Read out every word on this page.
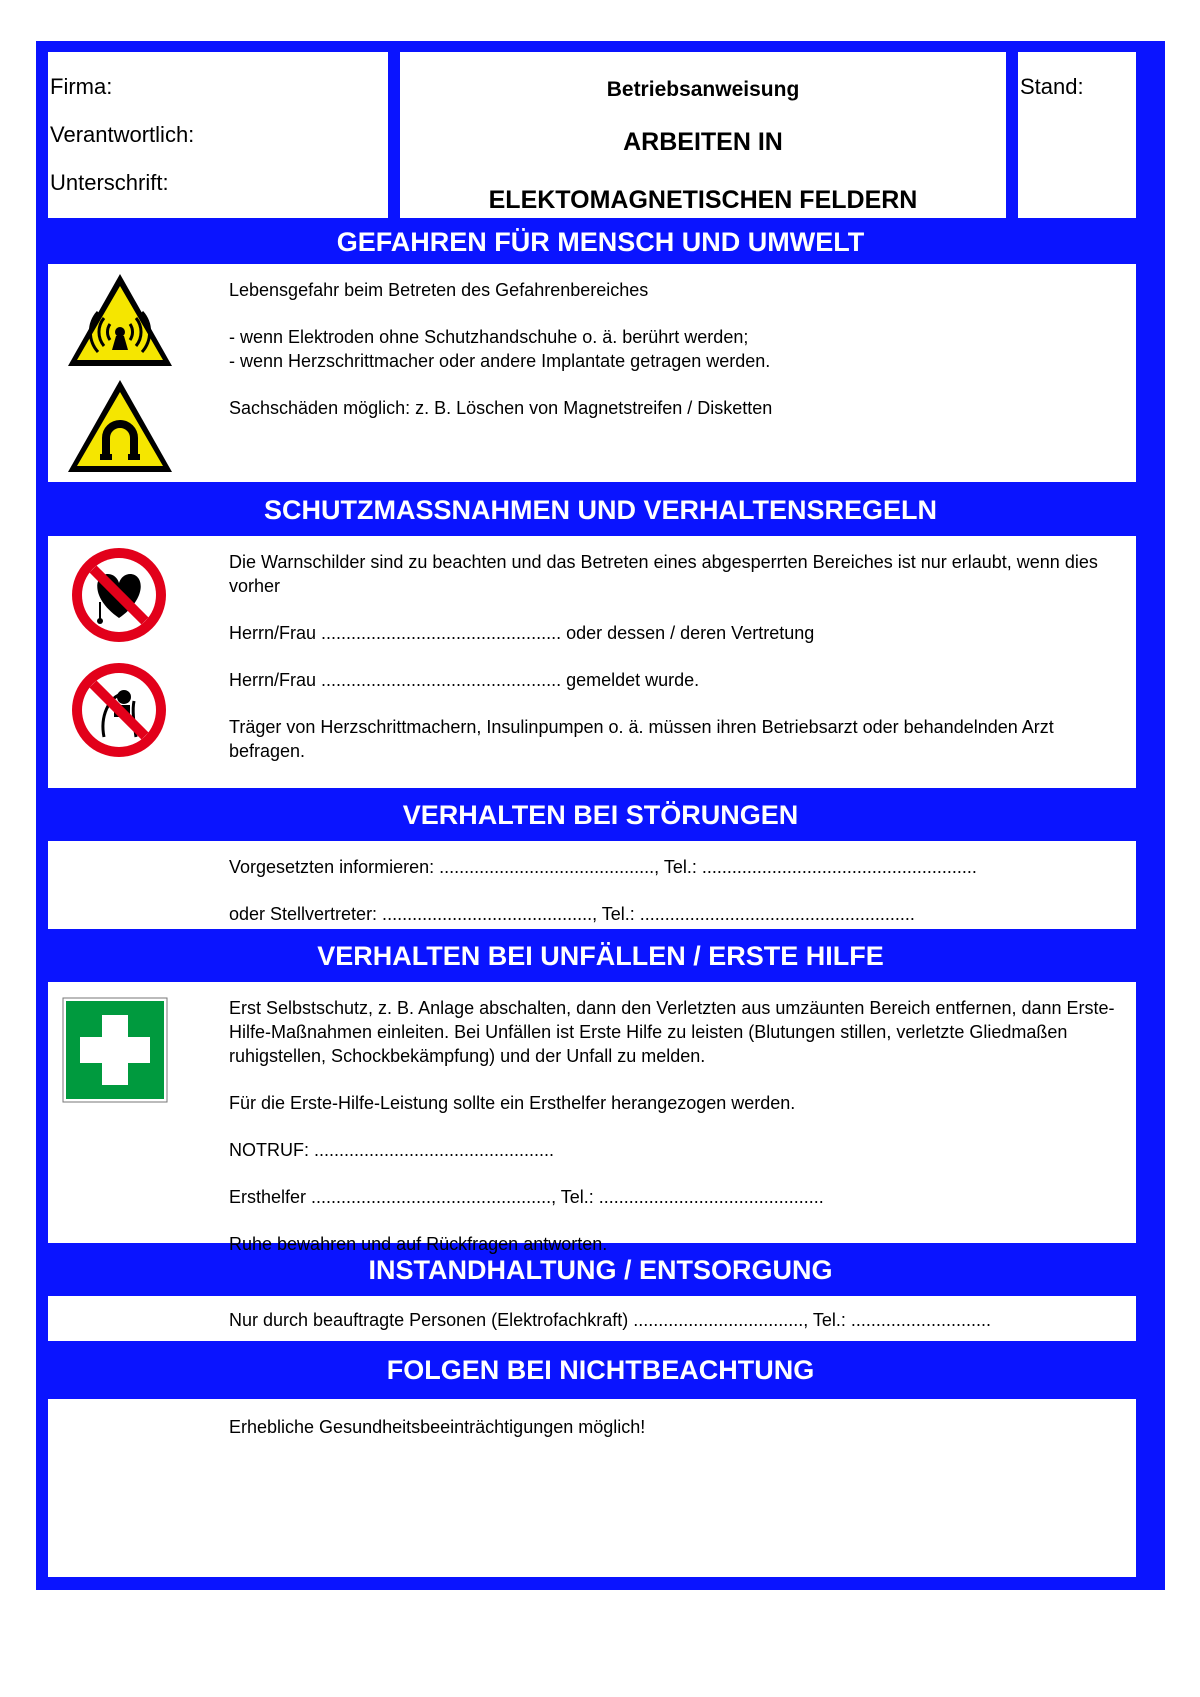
Firma:
Verantwortlich:
Unterschrift:
Betriebsanweisung
ARBEITEN IN
ELEKTOMAGNETISCHEN FELDERN
Stand:
GEFAHREN FÜR MENSCH UND UMWELT

Lebensgefahr beim Betreten des Gefahrenbereiches

- wenn Elektroden ohne Schutzhandschuhe o. ä. berührt werden;

- wenn Herzschrittmacher oder andere Implantate getragen werden.

Sachschäden möglich: z. B. Löschen von Magnetstreifen / Disketten

SCHUTZMASSNAHMEN UND VERHALTENSREGELN

Die Warnschilder sind zu beachten und das Betreten eines abgesperrten Bereiches ist nur erlaubt, wenn dies vorher

Herrn/Frau ................................................ oder dessen / deren Vertretung

Herrn/Frau ................................................ gemeldet wurde.

Träger von Herzschrittmachern, Insulinpumpen o. ä. müssen ihren Betriebsarzt oder behandelnden Arzt befragen.

VERHALTEN BEI STÖRUNGEN

Vorgesetzten informieren: ..........................................., Tel.: .......................................................

oder Stellvertreter: .........................................., Tel.: .......................................................

VERHALTEN BEI UNFÄLLEN / ERSTE HILFE

Erst Selbstschutz, z. B. Anlage abschalten, dann den Verletzten aus umzäunten Bereich entfernen, dann Erste-Hilfe-Maßnahmen einleiten. Bei Unfällen ist Erste Hilfe zu leisten (Blutungen stillen, verletzte Gliedmaßen ruhigstellen, Schockbekämpfung) und der Unfall zu melden.

Für die Erste-Hilfe-Leistung sollte ein Ersthelfer herangezogen werden.

NOTRUF: ................................................

Ersthelfer ................................................, Tel.: .............................................

Ruhe bewahren und auf Rückfragen antworten.

INSTANDHALTUNG / ENTSORGUNG

Nur durch beauftragte Personen (Elektrofachkraft) .................................., Tel.: ............................

FOLGEN BEI NICHTBEACHTUNG

Erhebliche Gesundheitsbeeinträchtigungen möglich!
